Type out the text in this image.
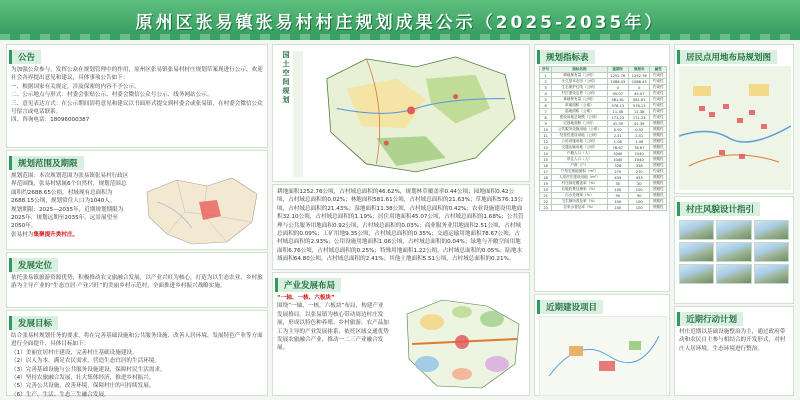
原州区张易镇张易村村庄规划成果公示（2025-2035年）
公告

为加强公众参与，发挥公众在规划管理中的作用，原州区张易镇张易村村庄规划草案现进行公示，欢迎社会各界提出意见和建议，具体事项公告如下：

一、根据国家有关规定，涉及保密的内容不予公示。

二、公示地点与形式：村委会张贴公示、村委会微信公众号公示、线务网站公示。

三、意见表达方式：在公示期间请将意见和建议以书面形式提交到村委会或张易镇，在村委会微信公众号留言或电话联系。

四、咨询电话：18096000387

规划范围及期限

规划范围：本次规划范围为张易镇张易村行政区界范围线，张易村辖属6个自然村，规划范围总面积约2688.65公顷，村域现有总面积为2688.15公顷，规划常住人口为1040人。

规划期限：2025—2035年，近期规划期限为2025年，规划远期至2035年，远景展望至2050年。

张易村为集聚提升类村庄。

发展定位
依托张易镇旅游资源优势，积极推动农文旅融合发展，以产业兴旺为核心，打造为以生态农业、乡村旅游为主导产业的“生态宜居·产业兴旺”的美丽乡村示范村，全面推进乡村振兴战略实施。
发展目标

结合张易村规划任务的要求，将在完善基础设施和公共服务设施、改善人居环境、发展特色产业等方面进行全面提升，具体目标如下：

（1）美丽宜居村庄建设，完善村庄基础设施建设。

（2）以人为本，满足农民需求，营造生态宜居的生活环境。

（3）完善基础设施与公共服务设施建设，保障村民生活需求。

（4）坚持农旅融合发展，壮大集体经济，推进乡村振兴。

（5）完善公共设施，改善环境，保障村庄的可持续发展。

（6）生产、生活、生态三生融合发展。

国土空间规划
耕地面积1252.76公顷，占村域总面积的46.62%，规划林草覆盖率0.44公顷；园地面积0.42公顷，占村域总面积的0.02%；林地面积581.61公顷，占村域总面积的21.63%；草地面积576.13公顷，占村域总面积的21.43%；湿地面积11.38公顷，占村域总面积的0.42%；农业设施建设用地面积32.10公顷，占村域总面积的1.19%；居住用地面积45.07公顷，占村域总面积的1.68%；公共管理与公共服务用地面积0.92公顷，占村域总面积的0.03%；商业服务业用地面积2.51公顷，占村域总面积的0.09%；工矿用地9.35公顷，占村域总面积的0.35%；交通运输用地面积78.67公顷，占村域总面积的2.93%；公用设施用地面积1.06公顷，占村域总面积的0.04%；绿地与开敞空间用地面积6.76公顷，占村域总面积的0.25%；特殊用地面积1.22公顷，占村域总面积的0.05%；陆地水域面积64.80公顷，占村域总面积的2.41%；其他土地面积5.51公顷，占村域总面积的0.21%。
产业发展布局

“一轴、一核、六板块”

围绕“一轴、一核、六板块”布局，构建产业发展格局。以张易镇为核心带动周边村庄发展，形成以特色种养殖、乡村旅游、农产品加工为主导的产业发展体系，依托区域交通优势发展农旅融合产业，推动一二三产业融合发展。

规划指标表
序号	指标名称	基期年	规划年	属性
1	耕地保有量（公顷）	1252.76	1252.76	约束性
2	永久基本农田（公顷）	1088.43	1088.43	约束性
3	生态保护红线（公顷）	0	0	约束性
4	村庄建设边界（公顷）	45.07	45.07	约束性
5	林地保有量（公顷）	581.61	581.61	约束性
6	草地面积（公顷）	576.13	576.13	约束性
7	湿地面积（公顷）	11.38	11.38	约束性
8	建设用地总规模（公顷）	171.23	171.23	约束性
9	宅基地面积（公顷）	41.39	41.39	预期性
10	公共服务设施用地（公顷）	0.92	0.92	预期性
11	经营性建设用地（公顷）	2.51	2.51	预期性
12	公用设施用地（公顷）	1.06	1.06	预期性
13	交通运输用地（公顷）	78.67	78.67	预期性
14	户籍人口（人）	1040	1040	预期性
15	常住人口（人）	1040	1040	预期性
16	户数（户）	328	328	预期性
17	户均宅基地面积（m²）	270	270	约束性
18	人均村庄建设用地（m²）	433	433	预期性
19	村庄绿化覆盖率（%）	30	30	预期性
20	垃圾收集处理率（%）	100	100	预期性
21	污水处理率（%）	90	90	预期性
22	卫生厕所普及率（%）	100	100	预期性
23	自来水普及率（%）	100	100	预期性
近期建设项目
居民点用地布局规划图
村庄风貌设计指引
近期行动计划
村庄近期以基础设施整治为主，通过政府带动和农民自主参与相结合的开发形式，对村庄人居环境、生态环境进行整治。
